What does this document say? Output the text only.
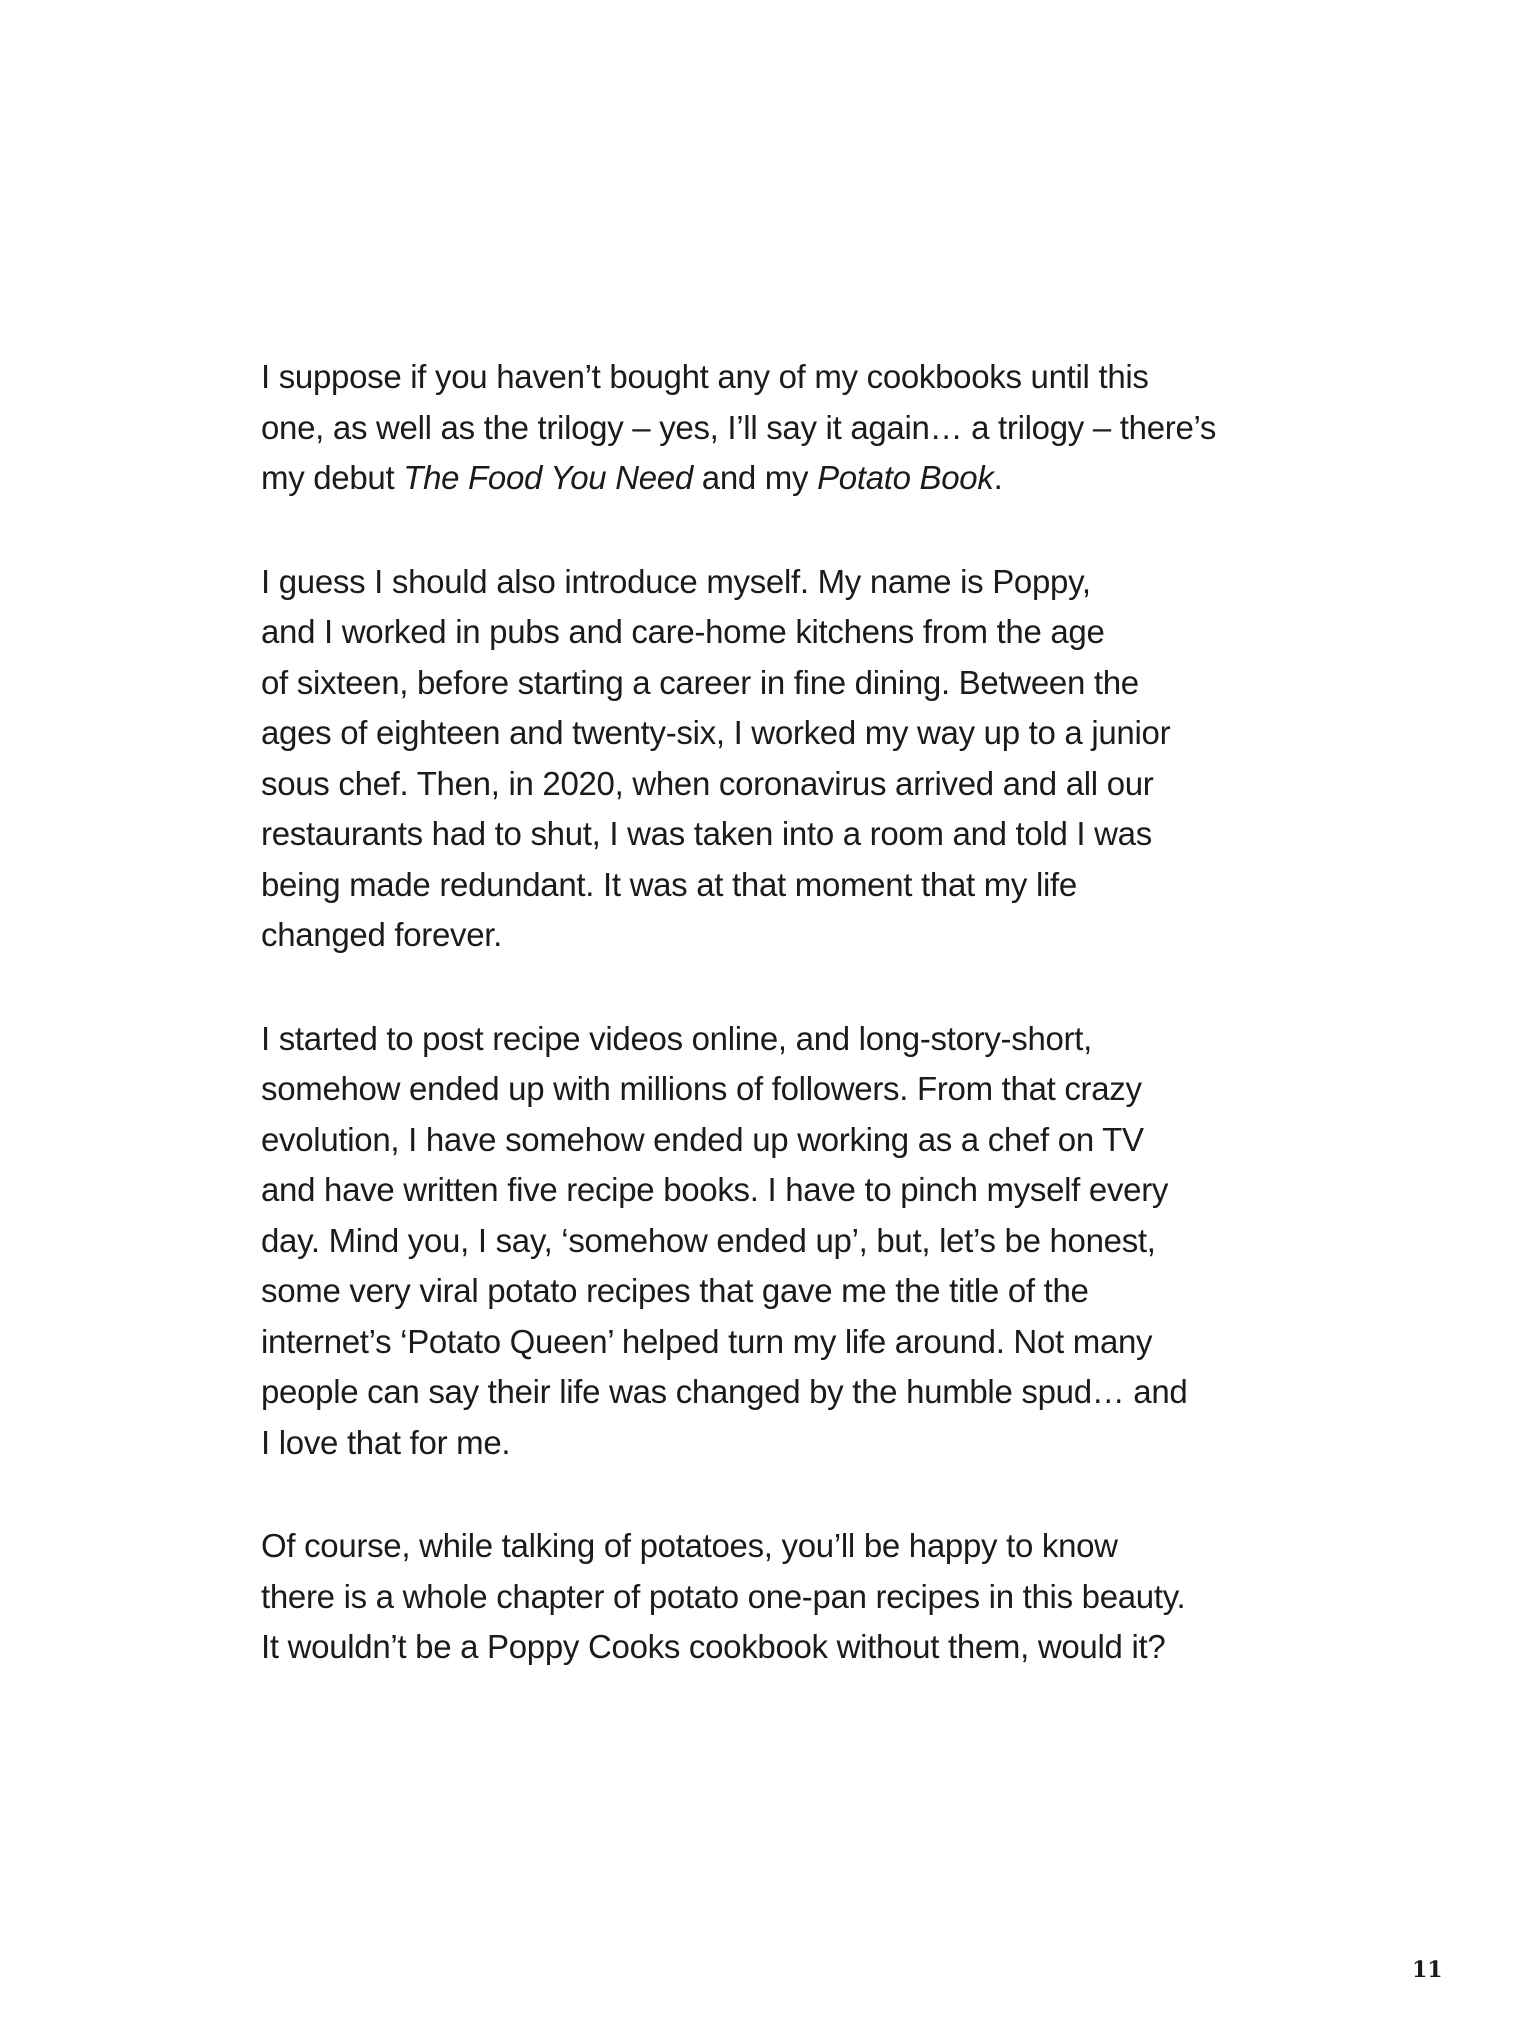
I suppose if you haven’t bought any of my cookbooks until this
one, as well as the trilogy – yes, I’ll say it again… a trilogy – there’s
my debut The Food You Need and my Potato Book.

I guess I should also introduce myself. My name is Poppy,
and I worked in pubs and care-home kitchens from the age
of sixteen, before starting a career in fine dining. Between the
ages of eighteen and twenty-six, I worked my way up to a junior
sous chef. Then, in 2020, when coronavirus arrived and all our
restaurants had to shut, I was taken into a room and told I was
being made redundant. It was at that moment that my life
changed forever.

I started to post recipe videos online, and long-story-short,
somehow ended up with millions of followers. From that crazy
evolution, I have somehow ended up working as a chef on TV
and have written five recipe books. I have to pinch myself every
day. Mind you, I say, ‘somehow ended up’, but, let’s be honest,
some very viral potato recipes that gave me the title of the
internet’s ‘Potato Queen’ helped turn my life around. Not many
people can say their life was changed by the humble spud… and
I love that for me.

Of course, while talking of potatoes, you’ll be happy to know
there is a whole chapter of potato one-pan recipes in this beauty.
It wouldn’t be a Poppy Cooks cookbook without them, would it?

11
